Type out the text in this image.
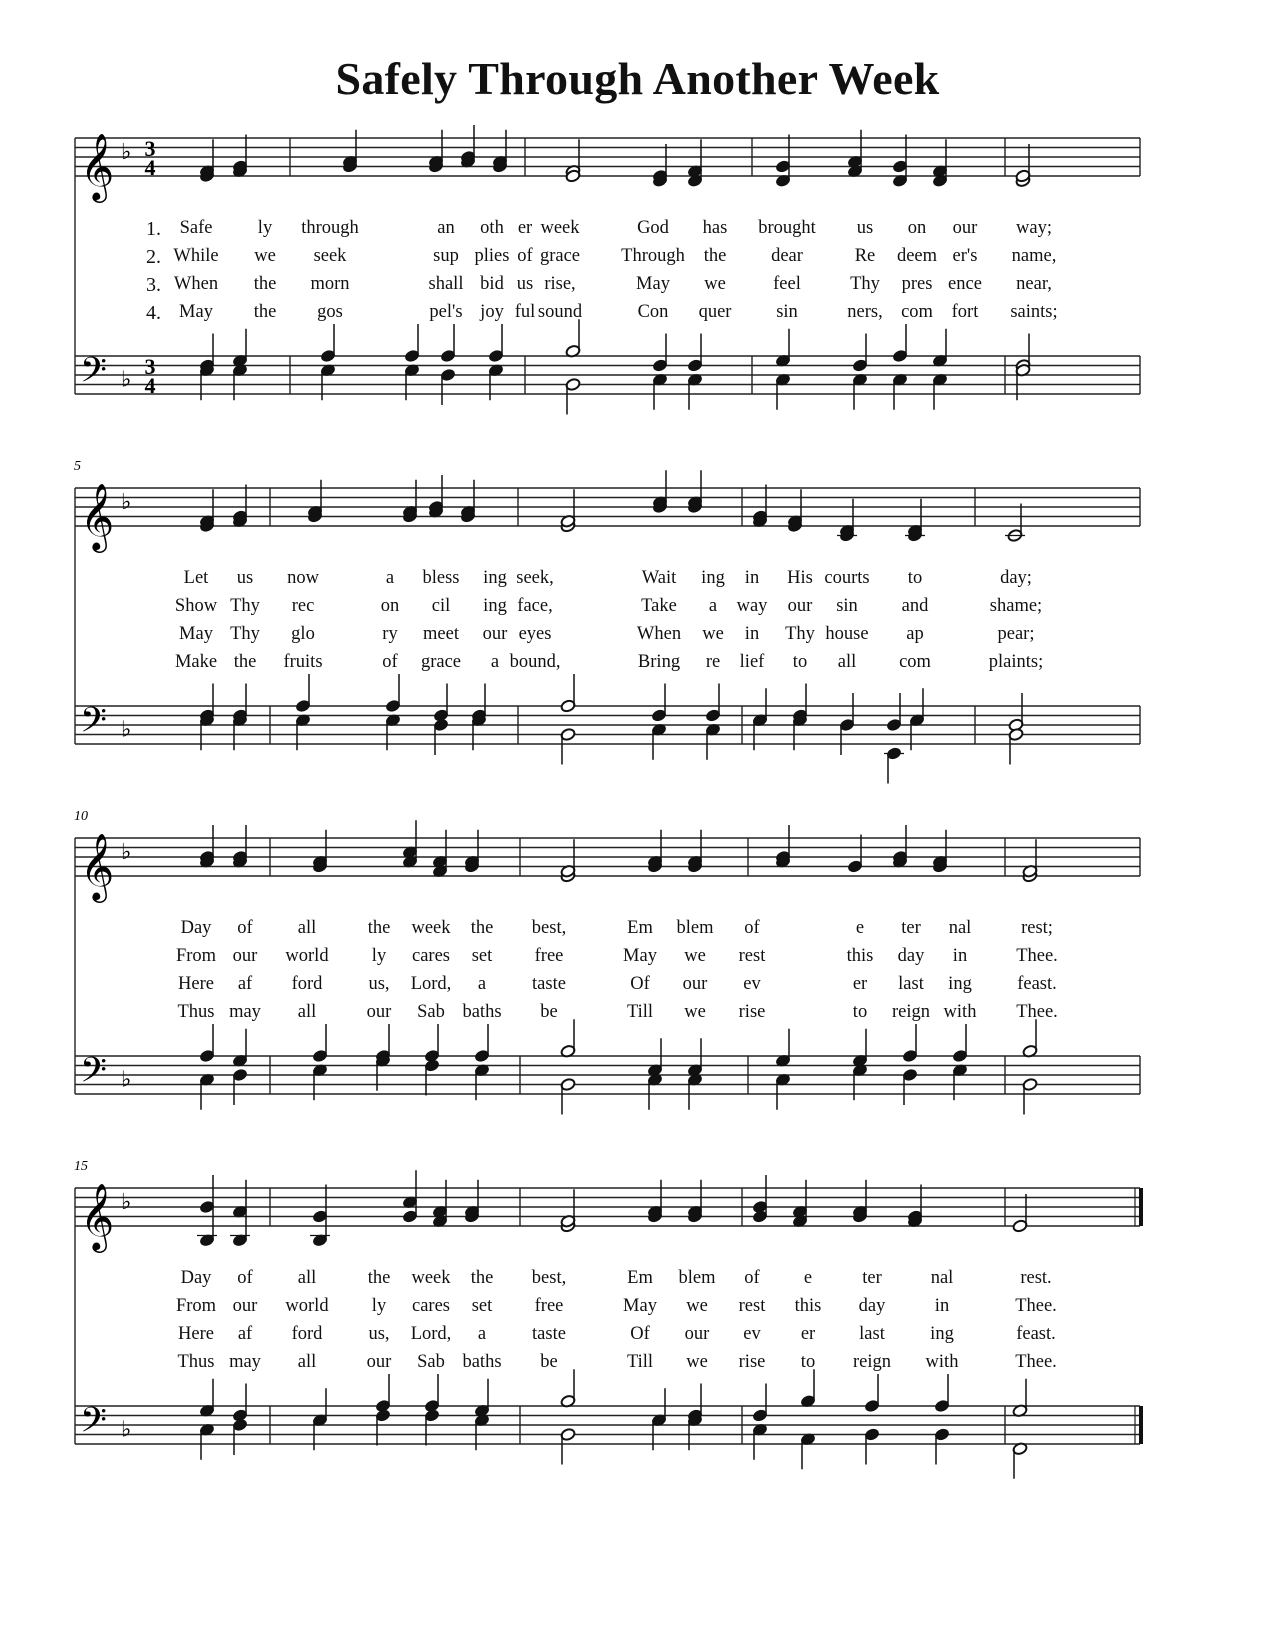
Safely Through Another Week
𝄞
𝄢
♭
♭
3
4
3
4
𝄞
𝄢
♭
♭
5
𝄞
𝄢
♭
♭
10
𝄞
𝄢
♭
♭
15
1. Safe ly through	an oth er week	God has brought us on our way;
2. While we seek	sup plies of grace Through the dear	Re deem er's name,
3. When the morn	shall bid us rise,	May we	feel	Thy pres ence near,
4. May the gos	pel's joy ful sound	Con quer sin	ners, com fort saints;
Let us now	a bless ing seek,	Wait ing in His courts to	day;
Show Thy rec	on cil ing face,	Take a way our sin and	shame;
May Thy glo	ry meet our eyes	When we in Thy house ap	pear;
Make the fruits	of grace a bound,	Bring re lief to all com	plaints;
Day of all	the week the best,	Em blem of	e ter nal	rest;
From our world ly cares set free	May we rest	this day in	Thee.
Here af ford us, Lord, a taste	Of our ev	er last ing feast.
Thus may all	our Sab baths be	Till we rise	to reign with Thee.
Day of all	the week the best,	Em blem of e	ter	nal	rest.
From our world ly cares set free	May we rest this day	in	Thee.
Here af ford us, Lord, a taste	Of our ev er last ing	feast.
Thus may all	our Sab baths be	Till we rise to reign with	Thee.
